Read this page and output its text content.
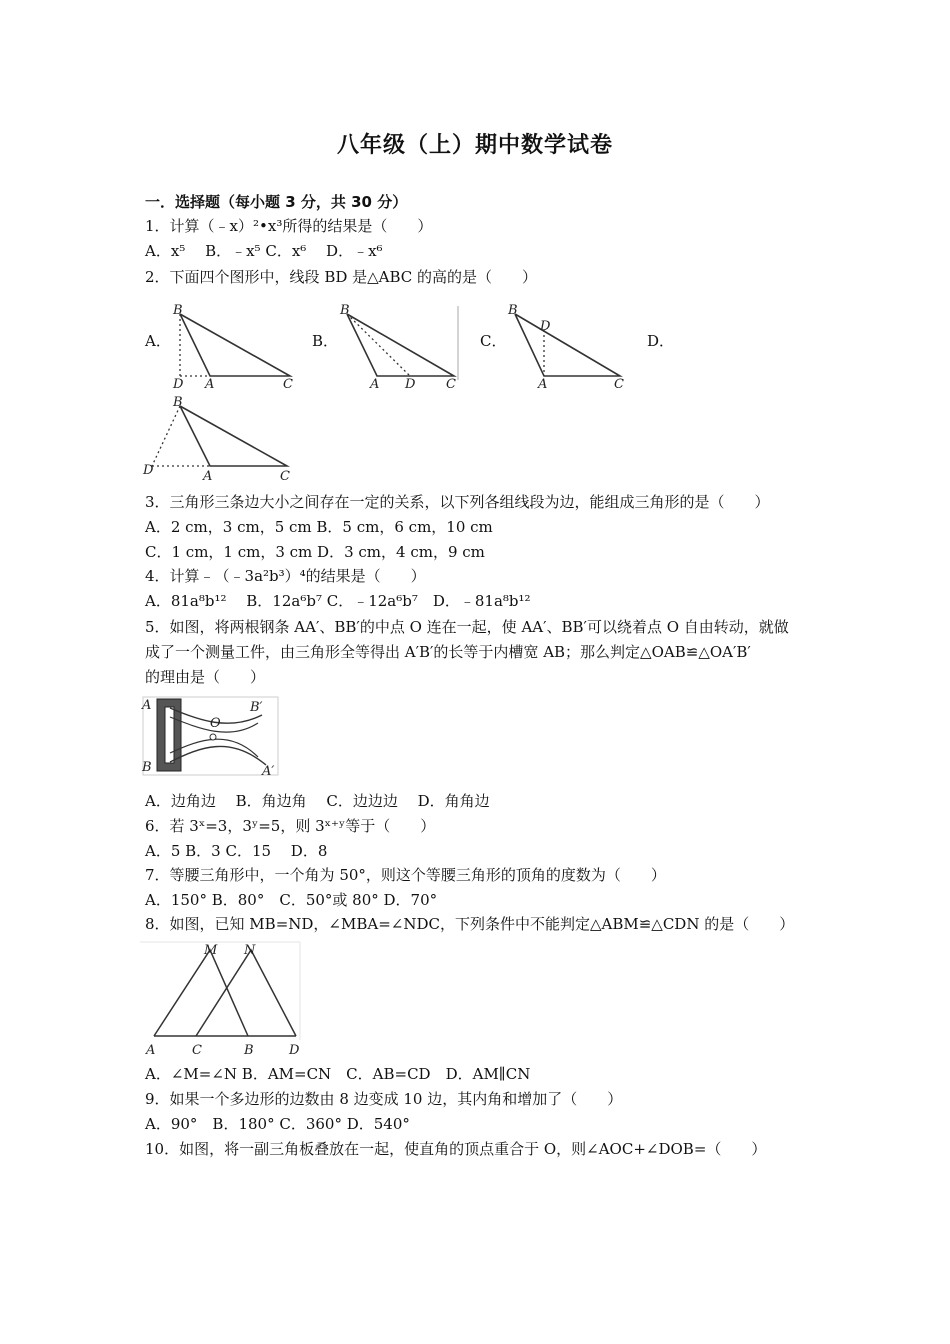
八年级（上）期中数学试卷
一．选择题（每小题 3 分，共 30 分）
1．计算（﹣x）²•x³所得的结果是（　　）
A．x⁵　 B．﹣x⁵ C．x⁶　 D．﹣x⁶
2．下面四个图形中，线段 BD 是△ABC 的高的是（　　）
A．	B．	C．	D．
B
D A	C
B
A D C
B
D
A	C
B
D	A	C
3．三角形三条边大小之间存在一定的关系，以下列各组线段为边，能组成三角形的是（　　）
A．2 cm，3 cm，5 cm B．5 cm，6 cm，10 cm
C．1 cm，1 cm，3 cm D．3 cm，4 cm，9 cm
4．计算﹣（﹣3a²b³）⁴的结果是（　　）
A．81a⁸b¹²　 B．12a⁶b⁷ C．﹣12a⁶b⁷　D．﹣81a⁸b¹²
5．如图，将两根钢条 AA′、BB′的中点 O 连在一起，使 AA′、BB′可以绕着点 O 自由转动，就做
成了一个测量工件，由三角形全等得出 A′B′的长等于内槽宽 AB；那么判定△OAB≌△OA′B′
的理由是（　　）
A
B
O
B′
A′
A．边角边　 B．角边角　 C．边边边　 D．角角边
6．若 3ˣ=3，3ʸ=5，则 3ˣ⁺ʸ等于（　　）
A．5 B．3 C．15　 D．8
7．等腰三角形中，一个角为 50°，则这个等腰三角形的顶角的度数为（　　）
A．150° B．80°　C．50°或 80° D．70°
8．如图，已知 MB=ND，∠MBA=∠NDC，下列条件中不能判定△ABM≌△CDN 的是（　　）
M N
A	C	B	D
A．∠M=∠N B．AM=CN　C．AB=CD　D．AM∥CN
9．如果一个多边形的边数由 8 边变成 10 边，其内角和增加了（　　）
A．90°　B．180° C．360° D．540°
10．如图，将一副三角板叠放在一起，使直角的顶点重合于 O，则∠AOC+∠DOB=（　　）
